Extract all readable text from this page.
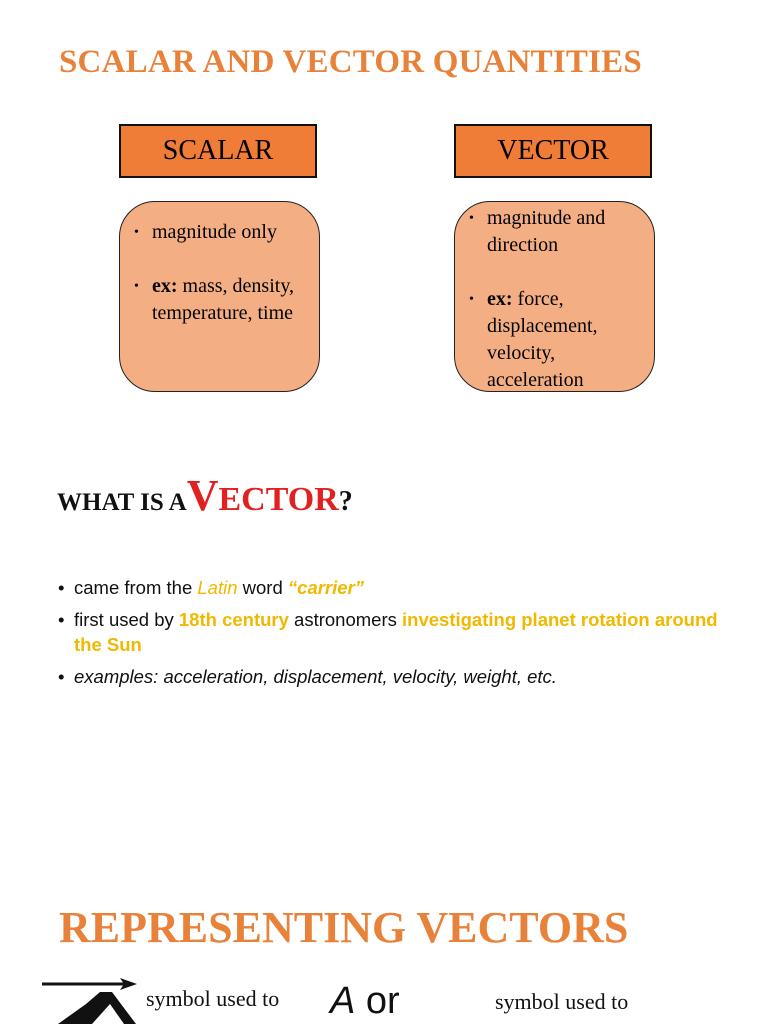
SCALAR AND VECTOR QUANTITIES
SCALAR
• magnitude only
• ex: mass, density, temperature, time
VECTOR
• magnitude and direction
• ex: force, displacement, velocity, acceleration
WHAT IS AVECTOR?
• came from the Latin word “carrier”
• first used by 18th century astronomers investigating planet rotation around the Sun
• examples: acceleration, displacement, velocity, weight, etc.
REPRESENTING VECTORS
symbol used to A or	symbol used to
